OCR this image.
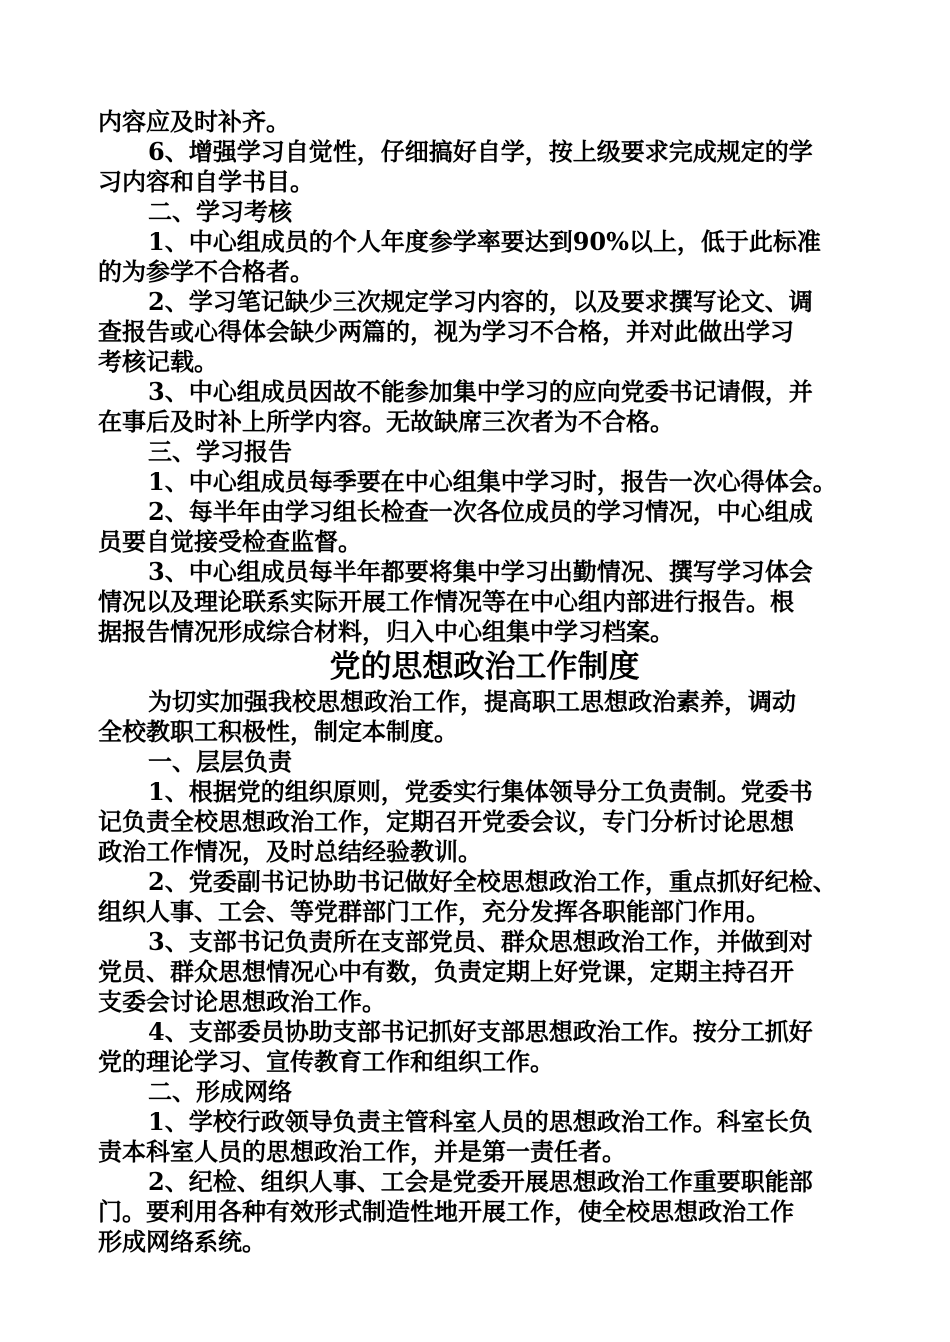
内容应及时补齐。
6、增强学习自觉性，仔细搞好自学，按上级要求完成规定的学
习内容和自学书目。
二、学习考核
1、中心组成员的个人年度参学率要达到90%以上，低于此标准
的为参学不合格者。
2、学习笔记缺少三次规定学习内容的，以及要求撰写论文、调
查报告或心得体会缺少两篇的，视为学习不合格，并对此做出学习
考核记载。
3、中心组成员因故不能参加集中学习的应向党委书记请假，并
在事后及时补上所学内容。无故缺席三次者为不合格。
三、学习报告
1、中心组成员每季要在中心组集中学习时，报告一次心得体会。
2、每半年由学习组长检查一次各位成员的学习情况，中心组成
员要自觉接受检查监督。
3、中心组成员每半年都要将集中学习出勤情况、撰写学习体会
情况以及理论联系实际开展工作情况等在中心组内部进行报告。根
据报告情况形成综合材料，归入中心组集中学习档案。
党的思想政治工作制度
为切实加强我校思想政治工作，提高职工思想政治素养，调动
全校教职工积极性，制定本制度。
一、层层负责
1、根据党的组织原则，党委实行集体领导分工负责制。党委书
记负责全校思想政治工作，定期召开党委会议，专门分析讨论思想
政治工作情况，及时总结经验教训。
2、党委副书记协助书记做好全校思想政治工作，重点抓好纪检、
组织人事、工会、等党群部门工作，充分发挥各职能部门作用。
3、支部书记负责所在支部党员、群众思想政治工作，并做到对
党员、群众思想情况心中有数，负责定期上好党课，定期主持召开
支委会讨论思想政治工作。
4、支部委员协助支部书记抓好支部思想政治工作。按分工抓好
党的理论学习、宣传教育工作和组织工作。
二、形成网络
1、学校行政领导负责主管科室人员的思想政治工作。科室长负
责本科室人员的思想政治工作，并是第一责任者。
2、纪检、组织人事、工会是党委开展思想政治工作重要职能部
门。要利用各种有效形式制造性地开展工作，使全校思想政治工作
形成网络系统。
